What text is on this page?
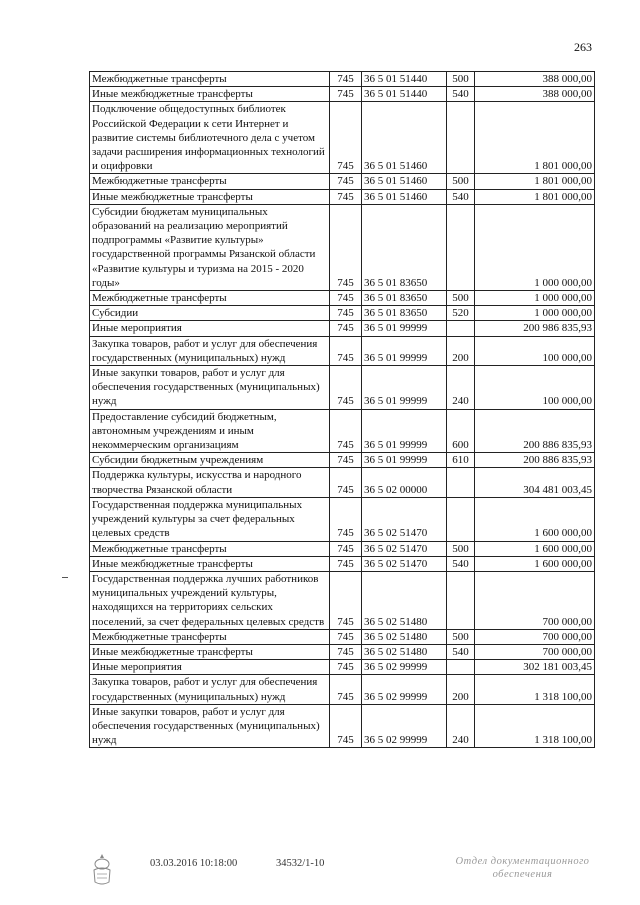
263
Межбюджетные трансферты	745	36 5 01 51440	500	388 000,00
Иные межбюджетные трансферты	745	36 5 01 51440	540	388 000,00
Подключение общедоступных библиотек Российской Федерации к сети Интернет и развитие системы библиотечного дела с учетом задачи расширения информационных технологий и оцифровки	745	36 5 01 51460		1 801 000,00
Межбюджетные трансферты	745	36 5 01 51460	500	1 801 000,00
Иные межбюджетные трансферты	745	36 5 01 51460	540	1 801 000,00
Субсидии бюджетам муниципальных образований на реализацию мероприятий подпрограммы «Развитие культуры» государственной программы Рязанской области «Развитие культуры и туризма на 2015 - 2020 годы»	745	36 5 01 83650		1 000 000,00
Межбюджетные трансферты	745	36 5 01 83650	500	1 000 000,00
Субсидии	745	36 5 01 83650	520	1 000 000,00
Иные мероприятия	745	36 5 01 99999		200 986 835,93
Закупка товаров, работ и услуг для обеспечения государственных (муниципальных) нужд	745	36 5 01 99999	200	100 000,00
Иные закупки товаров, работ и услуг для обеспечения государственных (муниципальных) нужд	745	36 5 01 99999	240	100 000,00
Предоставление субсидий бюджетным, автономным учреждениям и иным некоммерческим организациям	745	36 5 01 99999	600	200 886 835,93
Субсидии бюджетным учреждениям	745	36 5 01 99999	610	200 886 835,93
Поддержка культуры, искусства и народного творчества Рязанской области	745	36 5 02 00000		304 481 003,45
Государственная поддержка муниципальных учреждений культуры за счет федеральных целевых средств	745	36 5 02 51470		1 600 000,00
Межбюджетные трансферты	745	36 5 02 51470	500	1 600 000,00
Иные межбюджетные трансферты	745	36 5 02 51470	540	1 600 000,00
Государственная поддержка лучших работников муниципальных учреждений культуры, находящихся на территориях сельских поселений, за счет федеральных целевых средств	745	36 5 02 51480		700 000,00
Межбюджетные трансферты	745	36 5 02 51480	500	700 000,00
Иные межбюджетные трансферты	745	36 5 02 51480	540	700 000,00
Иные мероприятия	745	36 5 02 99999		302 181 003,45
Закупка товаров, работ и услуг для обеспечения государственных (муниципальных) нужд	745	36 5 02 99999	200	1 318 100,00
Иные закупки товаров, работ и услуг для обеспечения государственных (муниципальных) нужд	745	36 5 02 99999	240	1 318 100,00
03.03.2016 10:18:00	34532/1-10	Отдел документационного
обеспечения
